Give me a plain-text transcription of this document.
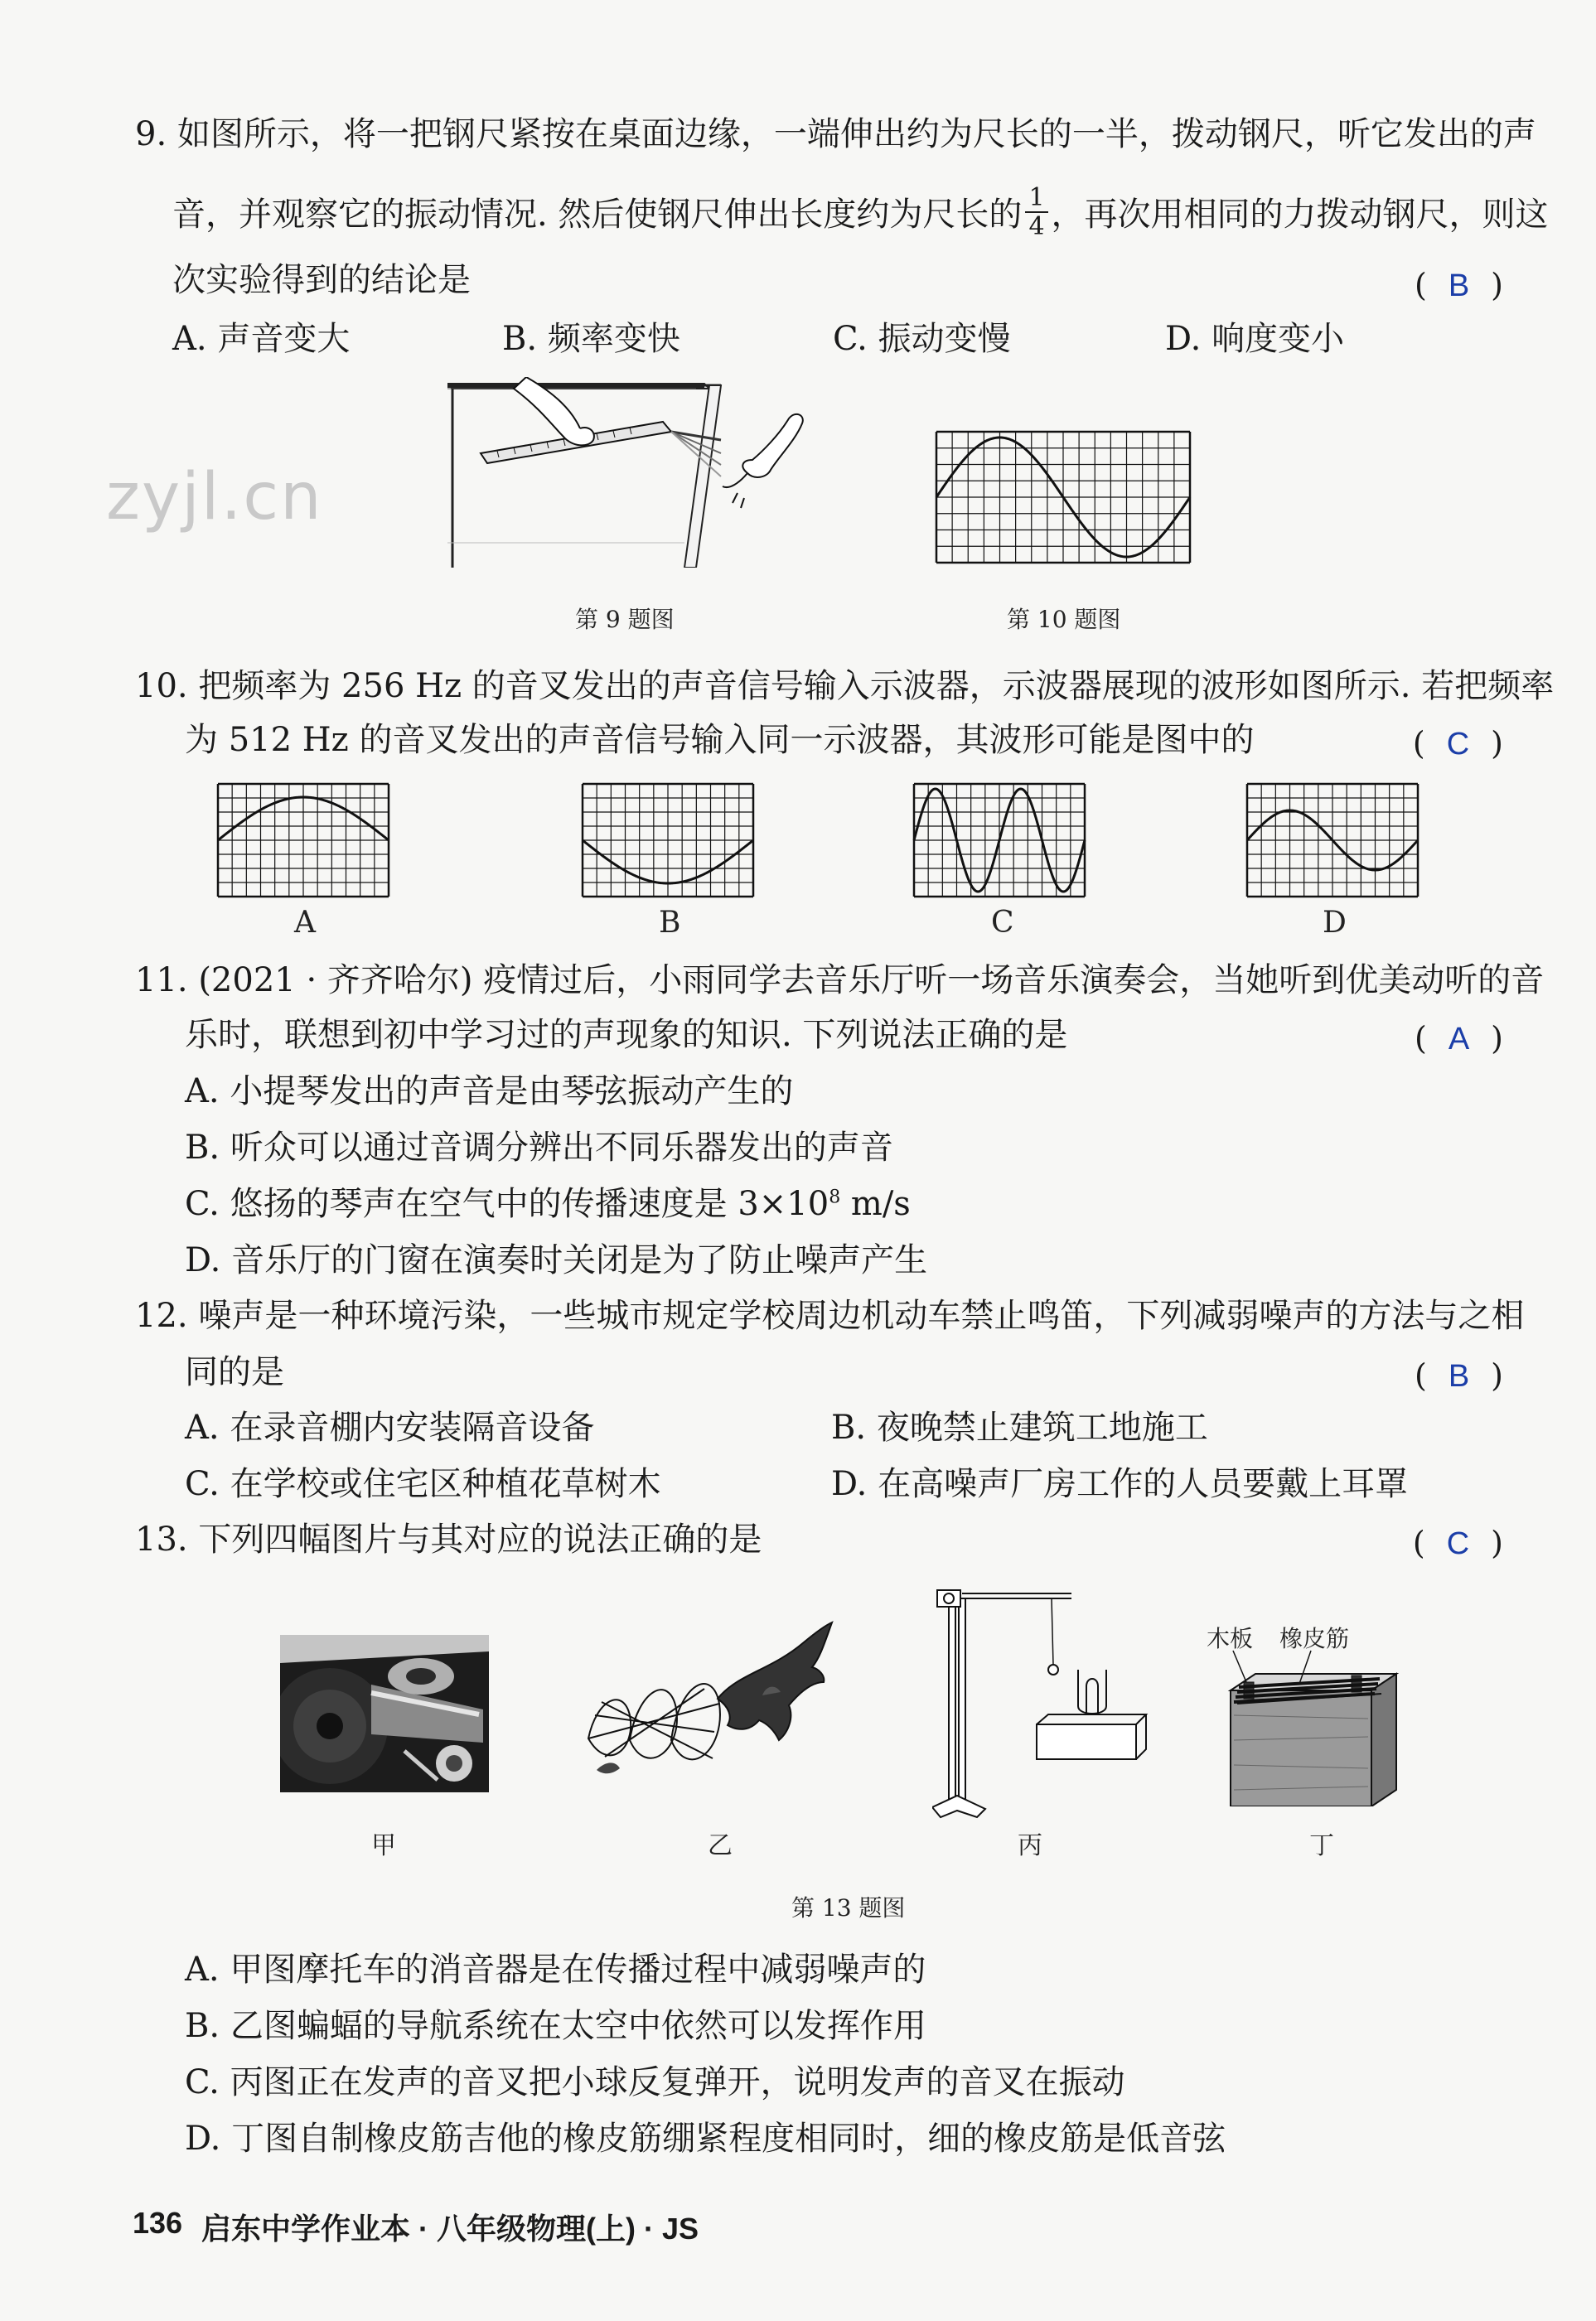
9. 如图所示，将一把钢尺紧按在桌面边缘，一端伸出约为尺长的一半，拨动钢尺，听它发出的声
音，并观察它的振动情况. 然后使钢尺伸出长度约为尺长的 $\frac{1}{4}$ ，再次用相同的力拨动钢尺，则这
次实验得到的结论是	( B )
A. 声音变大	B. 频率变快	C. 振动变慢	D. 响度变小
zyjl.cn
第 9 题图	第 10 题图
10. 把频率为 256 Hz 的音叉发出的声音信号输入示波器，示波器展现的波形如图所示. 若把频率
为 512 Hz 的音叉发出的声音信号输入同一示波器，其波形可能是图中的	( C )
A	B	C	D
11. (2021 · 齐齐哈尔) 疫情过后，小雨同学去音乐厅听一场音乐演奏会，当她听到优美动听的音
乐时，联想到初中学习过的声现象的知识. 下列说法正确的是	( A )
A. 小提琴发出的声音是由琴弦振动产生的
B. 听众可以通过音调分辨出不同乐器发出的声音
C. 悠扬的琴声在空气中的传播速度是 $3\times 10^8$ m/s
D. 音乐厅的门窗在演奏时关闭是为了防止噪声产生
12. 噪声是一种环境污染，一些城市规定学校周边机动车禁止鸣笛，下列减弱噪声的方法与之相
同的是	( B )
A. 在录音棚内安装隔音设备	B. 夜晚禁止建筑工地施工
C. 在学校或住宅区种植花草树木	D. 在高噪声厂房工作的人员要戴上耳罩
13. 下列四幅图片与其对应的说法正确的是	( C )
木板 橡皮筋
甲	乙	丙	丁
第 13 题图
A. 甲图摩托车的消音器是在传播过程中减弱噪声的
B. 乙图蝙蝠的导航系统在太空中依然可以发挥作用
C. 丙图正在发声的音叉把小球反复弹开，说明发声的音叉在振动
D. 丁图自制橡皮筋吉他的橡皮筋绷紧程度相同时，细的橡皮筋是低音弦
136 启东中学作业本 · 八年级物理(上) · JS
